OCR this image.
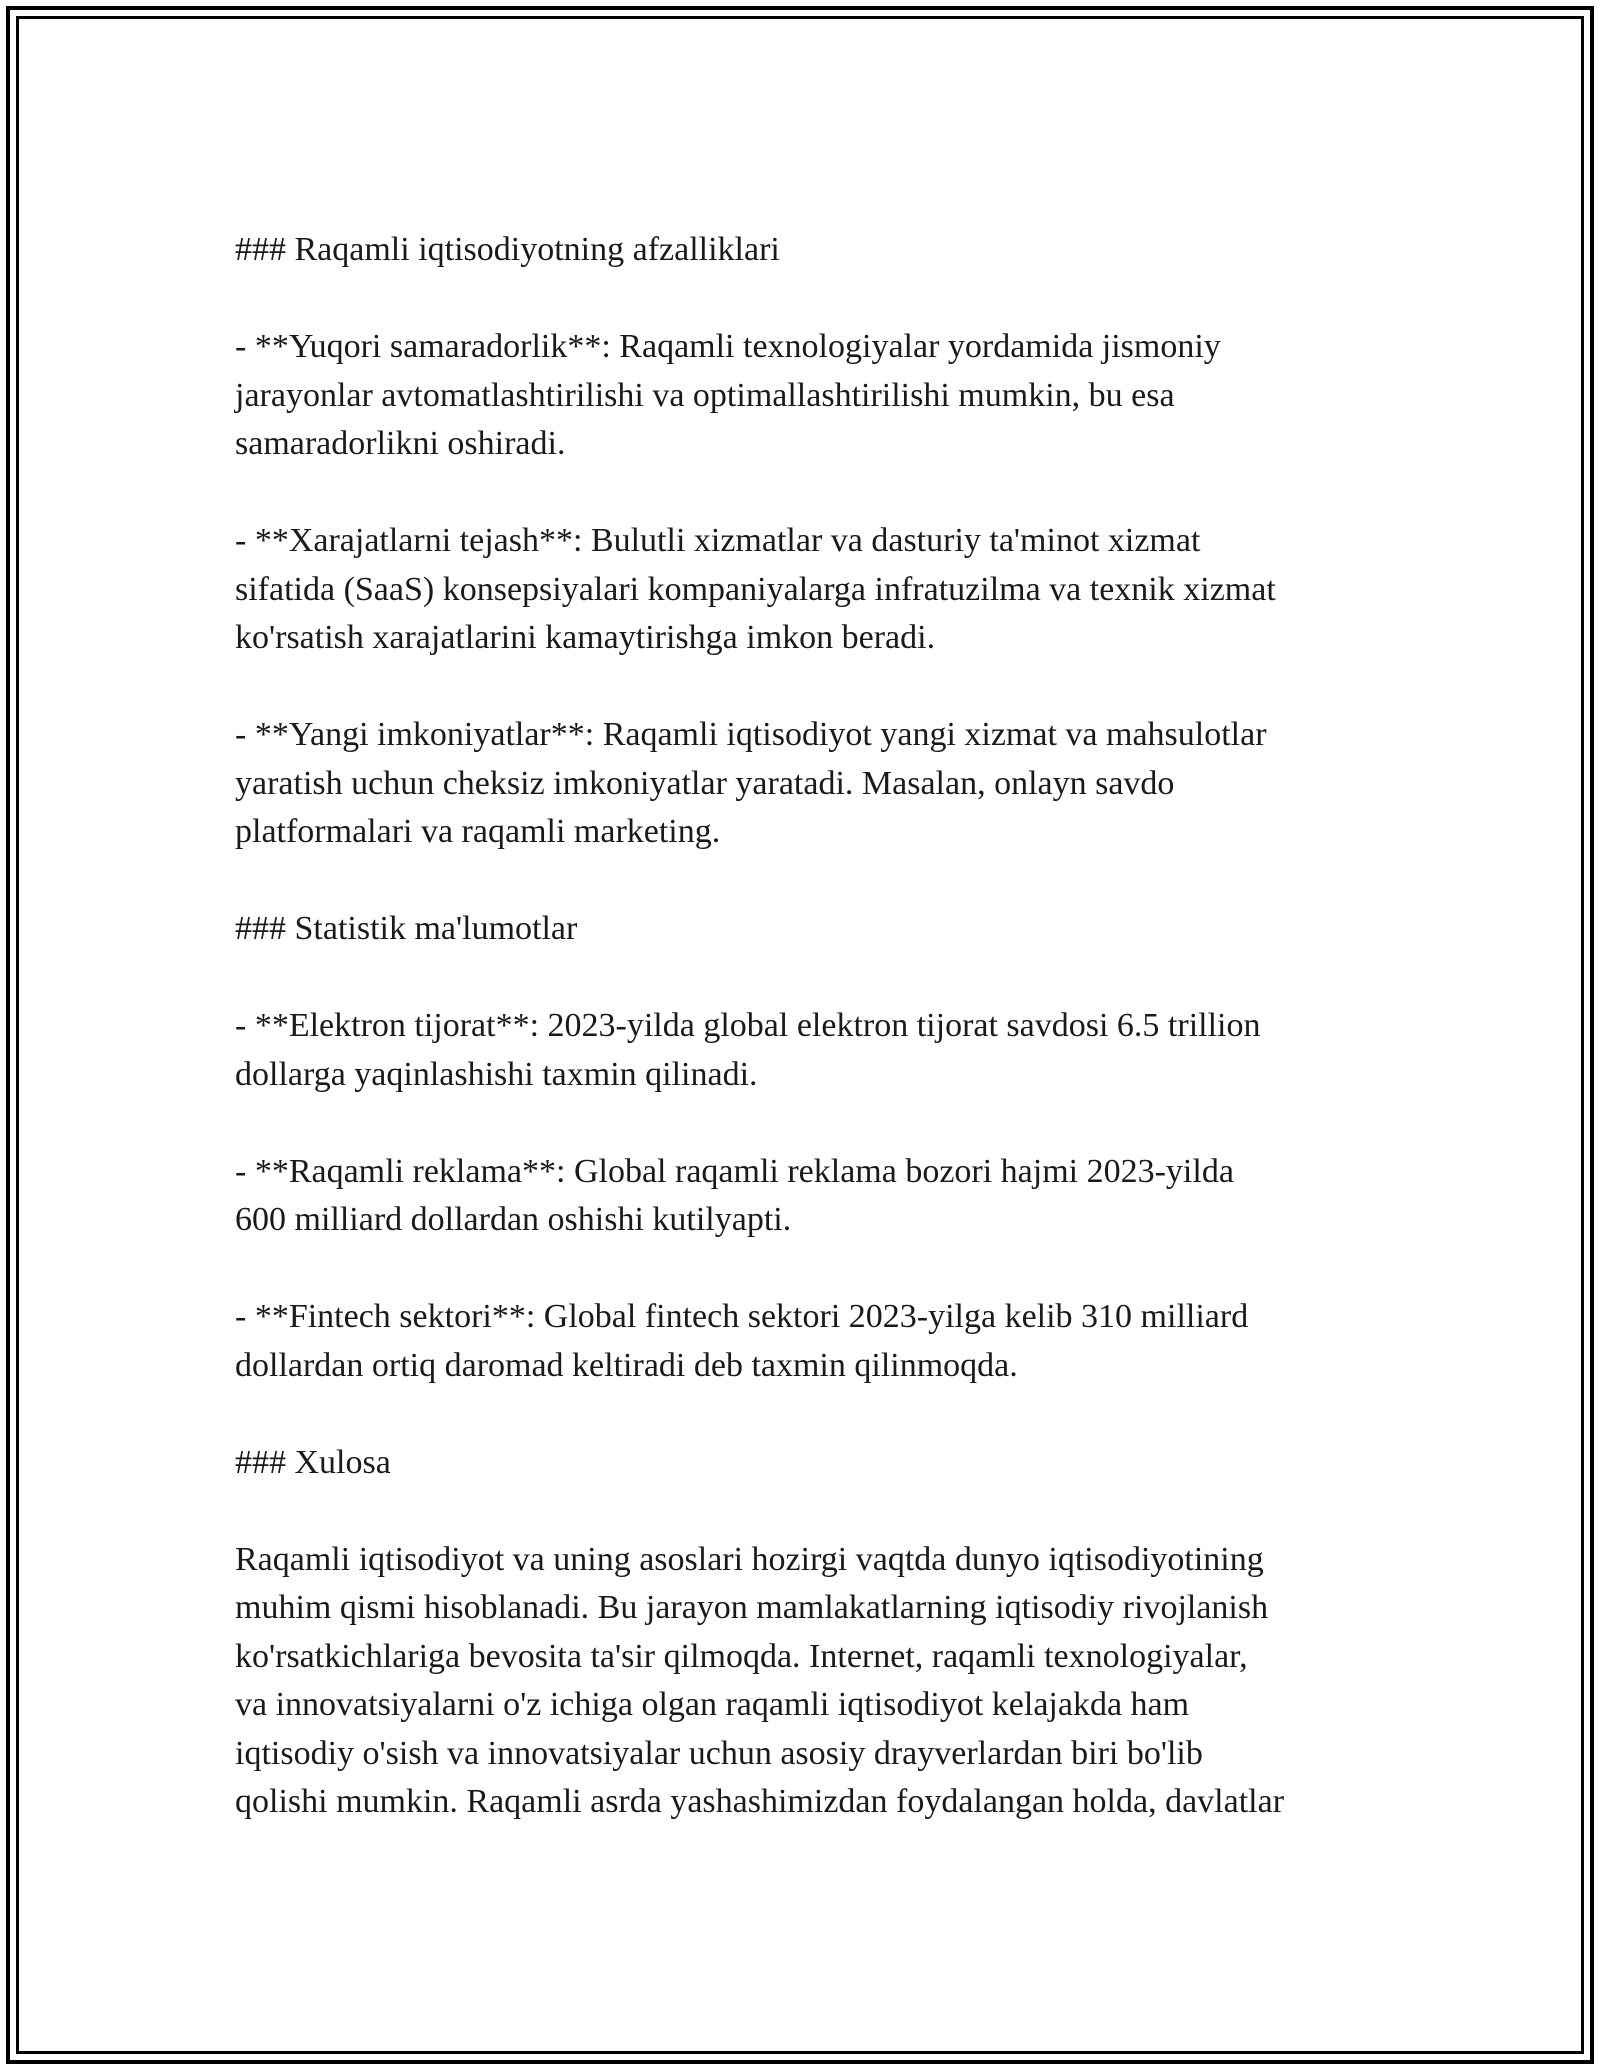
### Raqamli iqtisodiyotning afzalliklari

- **Yuqori samaradorlik**: Raqamli texnologiyalar yordamida jismoniy
jarayonlar avtomatlashtirilishi va optimallashtirilishi mumkin, bu esa
samaradorlikni oshiradi.

- **Xarajatlarni tejash**: Bulutli xizmatlar va dasturiy ta'minot xizmat
sifatida (SaaS) konsepsiyalari kompaniyalarga infratuzilma va texnik xizmat
ko'rsatish xarajatlarini kamaytirishga imkon beradi.

- **Yangi imkoniyatlar**: Raqamli iqtisodiyot yangi xizmat va mahsulotlar
yaratish uchun cheksiz imkoniyatlar yaratadi. Masalan, onlayn savdo
platformalari va raqamli marketing.

### Statistik ma'lumotlar

- **Elektron tijorat**: 2023-yilda global elektron tijorat savdosi 6.5 trillion
dollarga yaqinlashishi taxmin qilinadi.

- **Raqamli reklama**: Global raqamli reklama bozori hajmi 2023-yilda
600 milliard dollardan oshishi kutilyapti.

- **Fintech sektori**: Global fintech sektori 2023-yilga kelib 310 milliard
dollardan ortiq daromad keltiradi deb taxmin qilinmoqda.

### Xulosa

Raqamli iqtisodiyot va uning asoslari hozirgi vaqtda dunyo iqtisodiyotining
muhim qismi hisoblanadi. Bu jarayon mamlakatlarning iqtisodiy rivojlanish
ko'rsatkichlariga bevosita ta'sir qilmoqda. Internet, raqamli texnologiyalar,
va innovatsiyalarni o'z ichiga olgan raqamli iqtisodiyot kelajakda ham
iqtisodiy o'sish va innovatsiyalar uchun asosiy drayverlardan biri bo'lib
qolishi mumkin. Raqamli asrda yashashimizdan foydalangan holda, davlatlar
